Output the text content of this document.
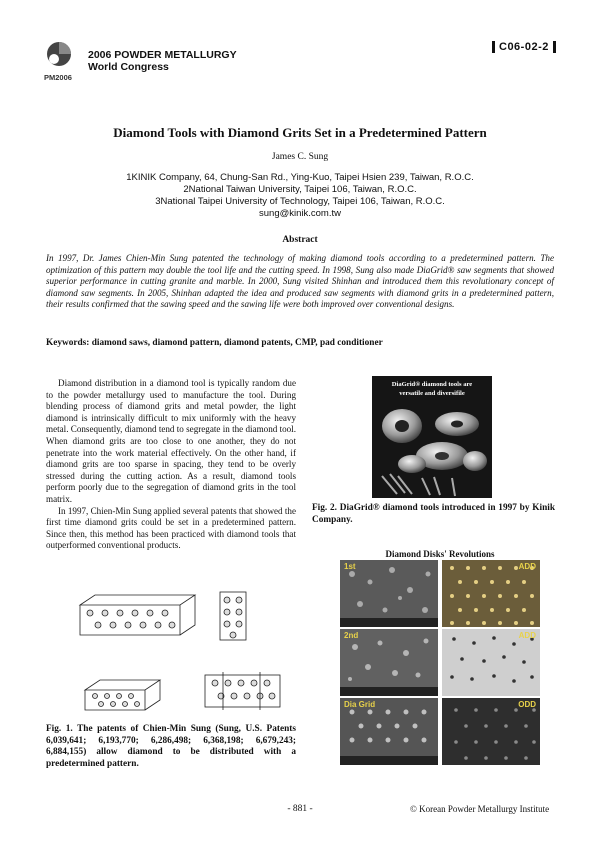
PM2006
2006 POWDER METALLURGY
World Congress
C06-02-2
Diamond Tools with Diamond Grits Set in a Predetermined Pattern
James C. Sung
1KINIK Company, 64, Chung-San Rd., Ying-Kuo, Taipei Hsien 239, Taiwan, R.O.C.
2National Taiwan University, Taipei 106, Taiwan, R.O.C.
3National Taipei University of Technology, Taipei 106, Taiwan, R.O.C.
sung@kinik.com.tw
Abstract
In 1997, Dr. James Chien-Min Sung patented the technology of making diamond tools according to a predetermined pattern. The optimization of this pattern may double the tool life and the cutting speed. In 1998, Sung also made DiaGrid® saw segments that showed superior performance in cutting granite and marble. In 2000, Sung visited Shinhan and introduced them this revolutionary concept of diamond saw segments. In 2005, Shinhan adapted the idea and produced saw segments with diamond grits in a predetermined pattern, their results confirmed that the sawing speed and the sawing life were both improved over conventional designs.
Keywords: diamond saws, diamond pattern, diamond patents, CMP, pad conditioner

Diamond distribution in a diamond tool is typically random due to the powder metallurgy used to manufacture the tool. During blending process of diamond grits and metal powder, the light diamond is intrinsically difficult to mix uniformly with the heavy metal. Consequently, diamond tend to segregate in the diamond tool. When diamond grits are too close to one another, they do not penetrate into the work material effectively. On the other hand, if diamond grits are too sparse in spacing, they tend to be overly stressed during the cutting action. As a result, diamond tools perform poorly due to the segregation of diamond grits in the tool matrix.

In 1997, Chien-Min Sung applied several patents that showed the first time diamond grits could be set in a predetermined pattern. Since then, this method has been practiced with diamond tools that outperformed conventional products.

DiaGrid® diamond tools are
versatile and diversifile
Fig. 2. DiaGrid® diamond tools introduced in 1997 by Kinik Company.
Diamond Disks' Revolutions
1st	ADD
2nd	ADD
Dia Grid	ODD
Fig. 1. The patents of Chien-Min Sung (Sung, U.S. Patents 6,039,641; 6,193,770; 6,286,498; 6,368,198; 6,679,243; 6,884,155) allow diamond to be distributed with a predetermined pattern.
- 881 -	© Korean Powder Metallurgy Institute
